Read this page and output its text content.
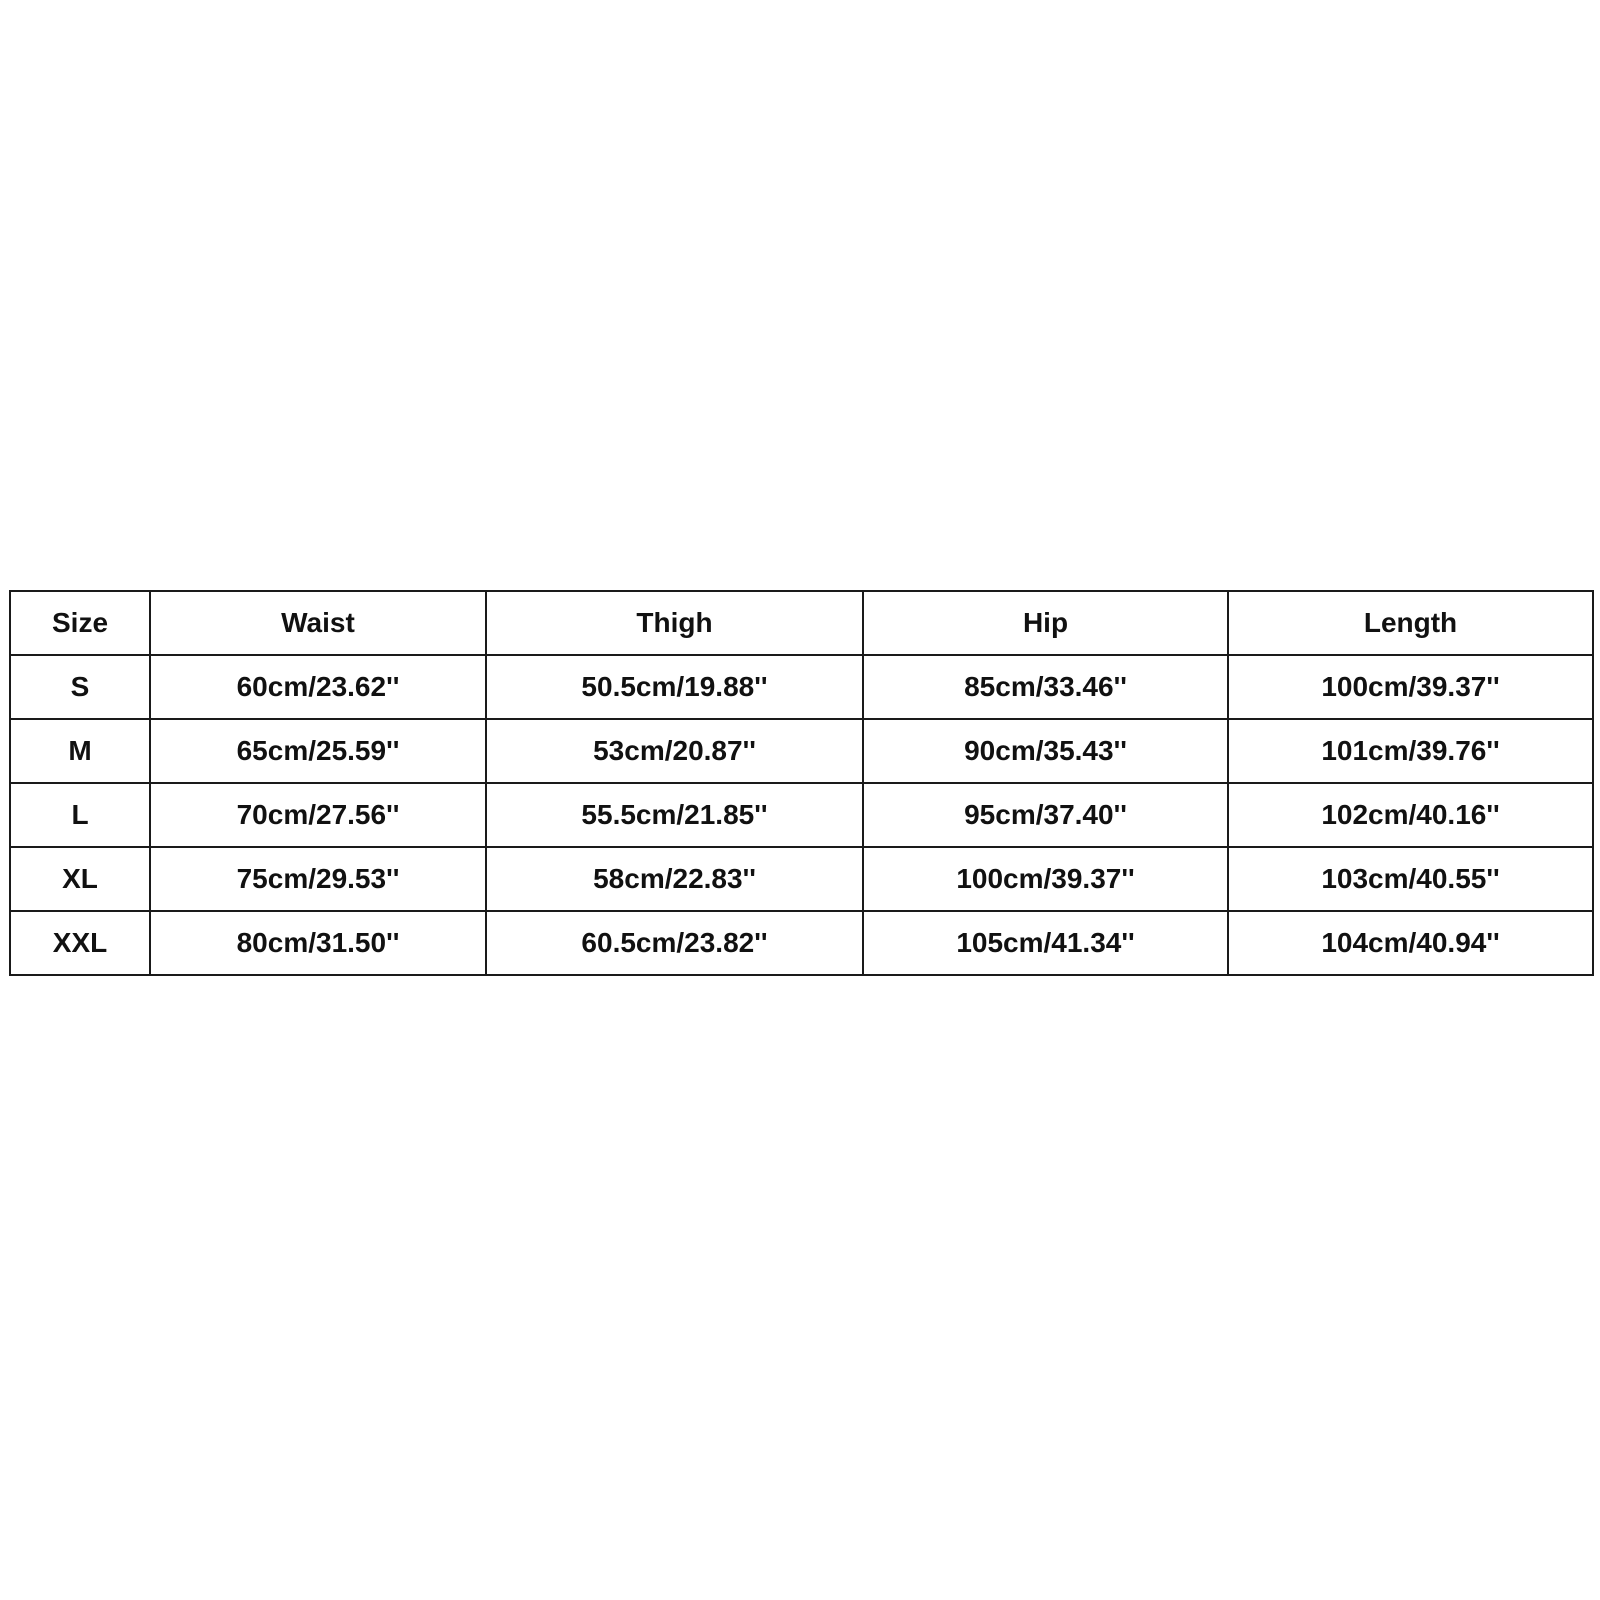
Size	Waist	Thigh	Hip	Length
S	60cm/23.62''	50.5cm/19.88''	85cm/33.46''	100cm/39.37''
M	65cm/25.59''	53cm/20.87''	90cm/35.43''	101cm/39.76''
L	70cm/27.56''	55.5cm/21.85''	95cm/37.40''	102cm/40.16''
XL	75cm/29.53''	58cm/22.83''	100cm/39.37''	103cm/40.55''
XXL	80cm/31.50''	60.5cm/23.82''	105cm/41.34''	104cm/40.94''
